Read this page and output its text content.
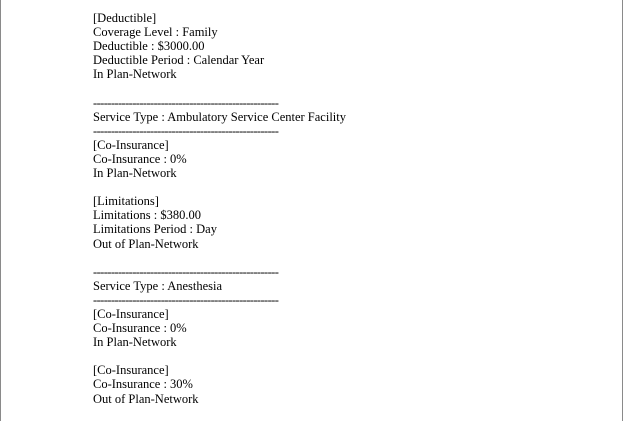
[Deductible]
Coverage Level : Family
Deductible : $3000.00
Deductible Period : Calendar Year
In Plan-Network
----------------------------------------------------
Service Type : Ambulatory Service Center Facility
----------------------------------------------------
[Co-Insurance]
Co-Insurance : 0%
In Plan-Network
[Limitations]
Limitations : $380.00
Limitations Period : Day
Out of Plan-Network
----------------------------------------------------
Service Type : Anesthesia
----------------------------------------------------
[Co-Insurance]
Co-Insurance : 0%
In Plan-Network
[Co-Insurance]
Co-Insurance : 30%
Out of Plan-Network
